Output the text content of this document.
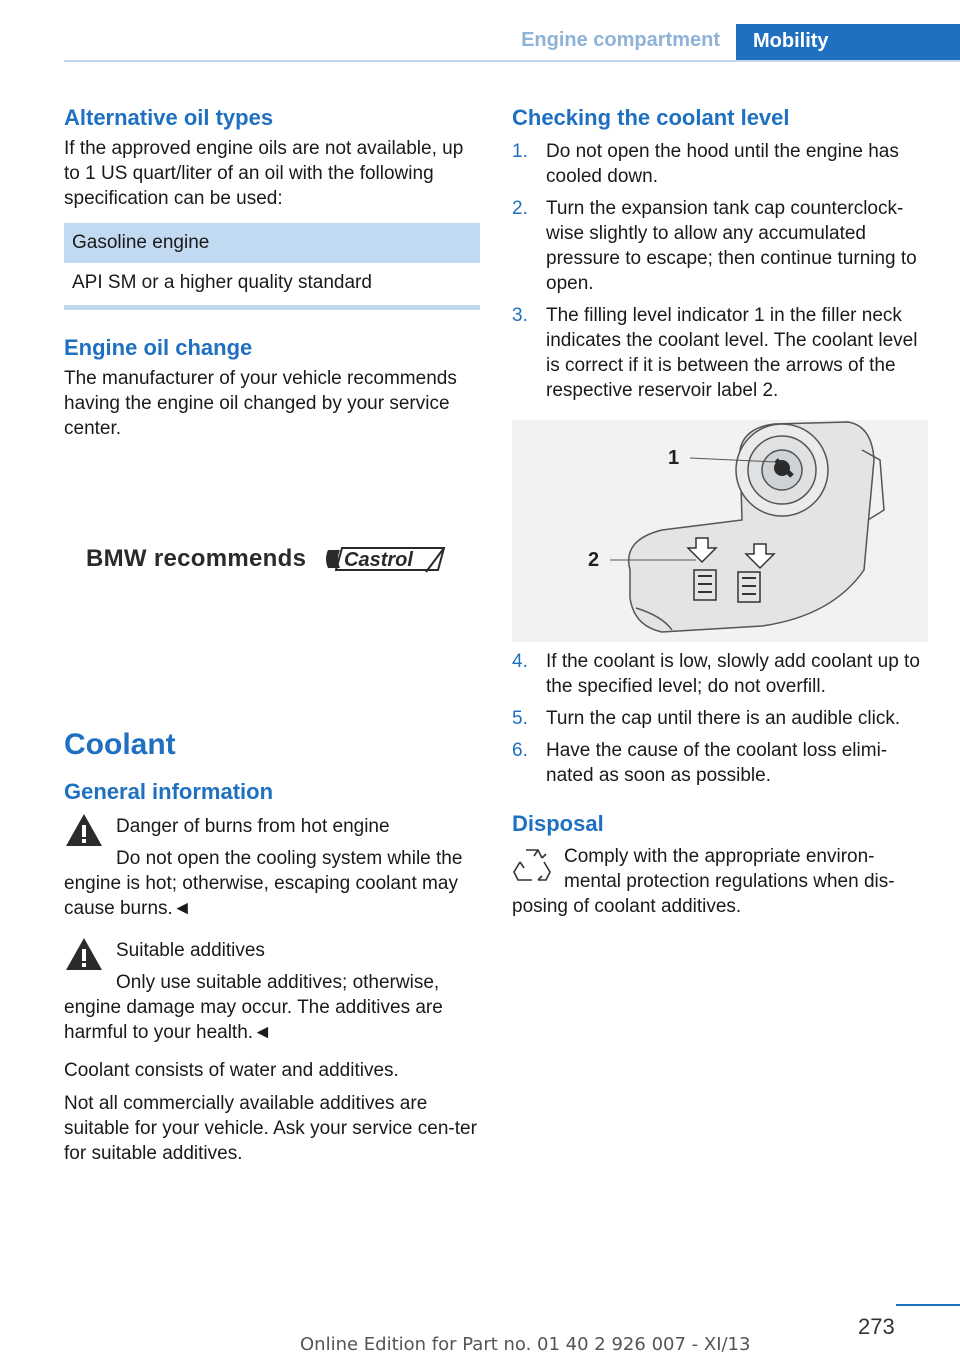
Engine compartment	Mobility
Alternative oil types

If the approved engine oils are not available, up to 1 US quart/liter of an oil with the following specification can be used:

Gasoline engine
API SM or a higher quality standard
Engine oil change

The manufacturer of your vehicle recommends having the engine oil changed by your service center.

BMW recommends Castrol
Coolant
General information

Danger of burns from hot engine

Do not open the cooling system while the engine is hot; otherwise, escaping coolant may cause burns.◄

Suitable additives

Only use suitable additives; otherwise, engine damage may occur. The additives are harmful to your health.◄

Coolant consists of water and additives.

Not all commercially available additives are suitable for your vehicle. Ask your service cen‐ter for suitable additives.

Checking the coolant level
1. Do not open the hood until the engine has cooled down.
2. Turn the expansion tank cap counterclock‐wise slightly to allow any accumulated pressure to escape; then continue turning to open.
3. The filling level indicator 1 in the filler neck indicates the coolant level. The coolant level is correct if it is between the arrows of the respective reservoir label 2.
1
2
4. If the coolant is low, slowly add coolant up to the specified level; do not overfill.
5. Turn the cap until there is an audible click.
6. Have the cause of the coolant loss elimi‐nated as soon as possible.
Disposal

Comply with the appropriate environ‐mental protection regulations when dis‐

posing of coolant additives.

273
Online Edition for Part no. 01 40 2 926 007 - XI/13
